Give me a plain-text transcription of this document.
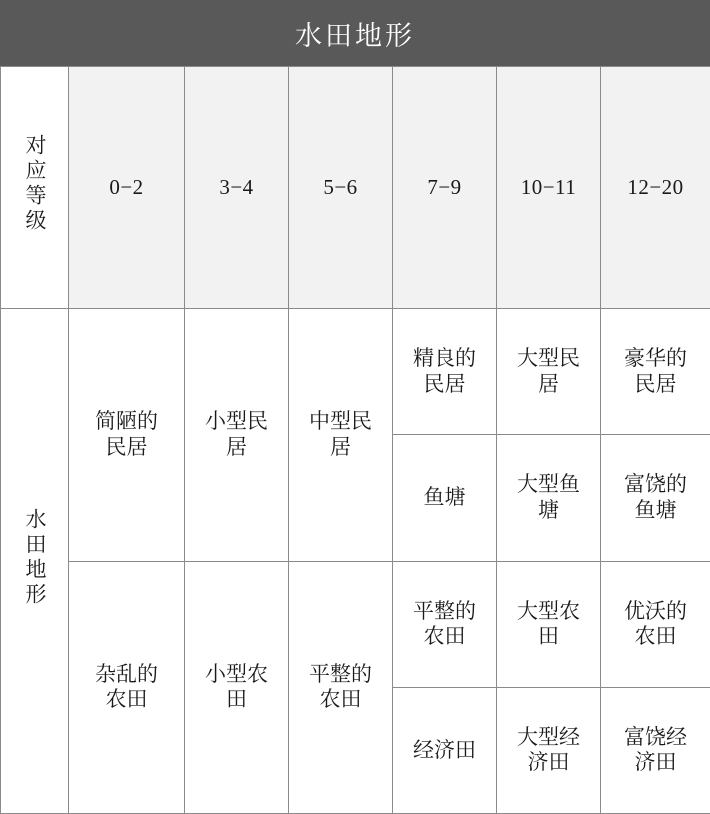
水田地形
对应等级	0−2	3−4	5−6	7−9	10−11	12−20
水田地形	简陋的民居	小型民居	中型民居	精良的民居	大型民居	豪华的民居

				鱼塘	大型鱼塘	富饶的鱼塘

	杂乱的农田	小型农田	平整的农田	平整的农田	大型农田	优沃的农田

				经济田	大型经济田	富饶经济田
